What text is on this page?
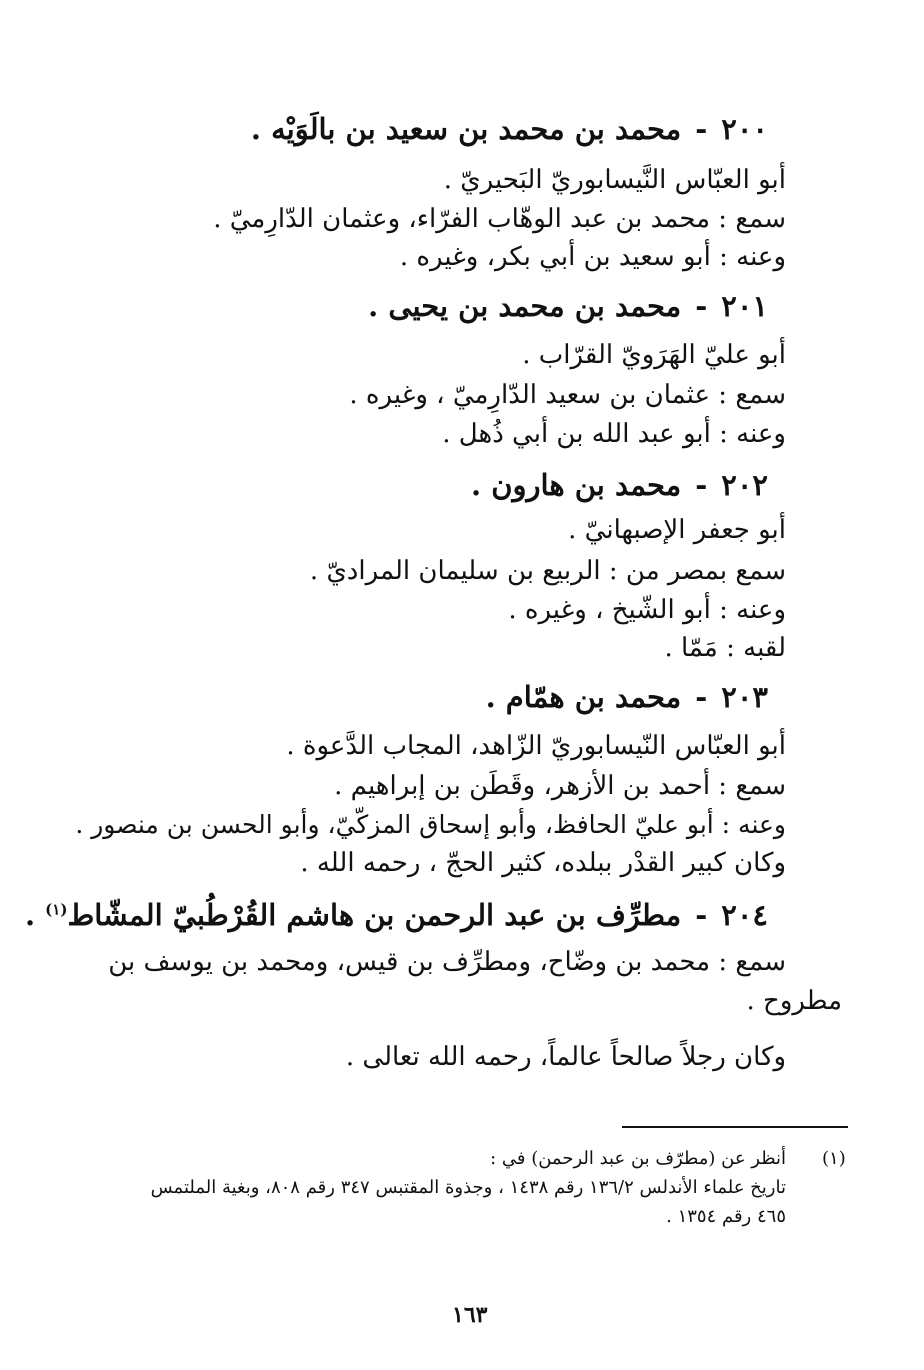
٢٠٠-محمد بن محمد بن سعيد بن بالَوَيْه .
أبو العبّاس النَّيسابوريّ البَحيريّ .
سمع : محمد بن عبد الوهّاب الفرّاء، وعثمان الدّارِميّ .
وعنه : أبو سعيد بن أبي بكر، وغيره .
٢٠١-محمد بن محمد بن يحيى .
أبو عليّ الهَرَويّ القرّاب .
سمع : عثمان بن سعيد الدّارِميّ ، وغيره .
وعنه : أبو عبد الله بن أبي ذُهل .
٢٠٢-محمد بن هارون .
أبو جعفر الإصبهانيّ .
سمع بمصر من : الربيع بن سليمان المراديّ .
وعنه : أبو الشّيخ ، وغيره .
لقبه : مَمّا .
٢٠٣-محمد بن همّام .
أبو العبّاس النّيسابوريّ الزّاهد، المجاب الدَّعوة .
سمع : أحمد بن الأزهر، وقَطَن بن إبراهيم .
وعنه : أبو عليّ الحافظ، وأبو إسحاق المزكّيّ، وأبو الحسن بن منصور .
وكان كبير القدْر ببلده، كثير الحجّ ، رحمه الله .
٢٠٤-مطرِّف بن عبد الرحمن بن هاشم القُرْطُبيّ المشّاط$^{(١)}$ .
سمع : محمد بن وضّاح، ومطرِّف بن قيس، ومحمد بن يوسف بن
مطروح .
وكان رجلاً صالحاً عالماً، رحمه الله تعالى .
(١)
أنظر عن (مطرّف بن عبد الرحمن) في :
تاريخ علماء الأندلس ١٣٦/٢ رقم ١٤٣٨ ، وجذوة المقتبس ٣٤٧ رقم ٨٠٨، وبغية الملتمس
٤٦٥ رقم ١٣٥٤ .
١٦٣
